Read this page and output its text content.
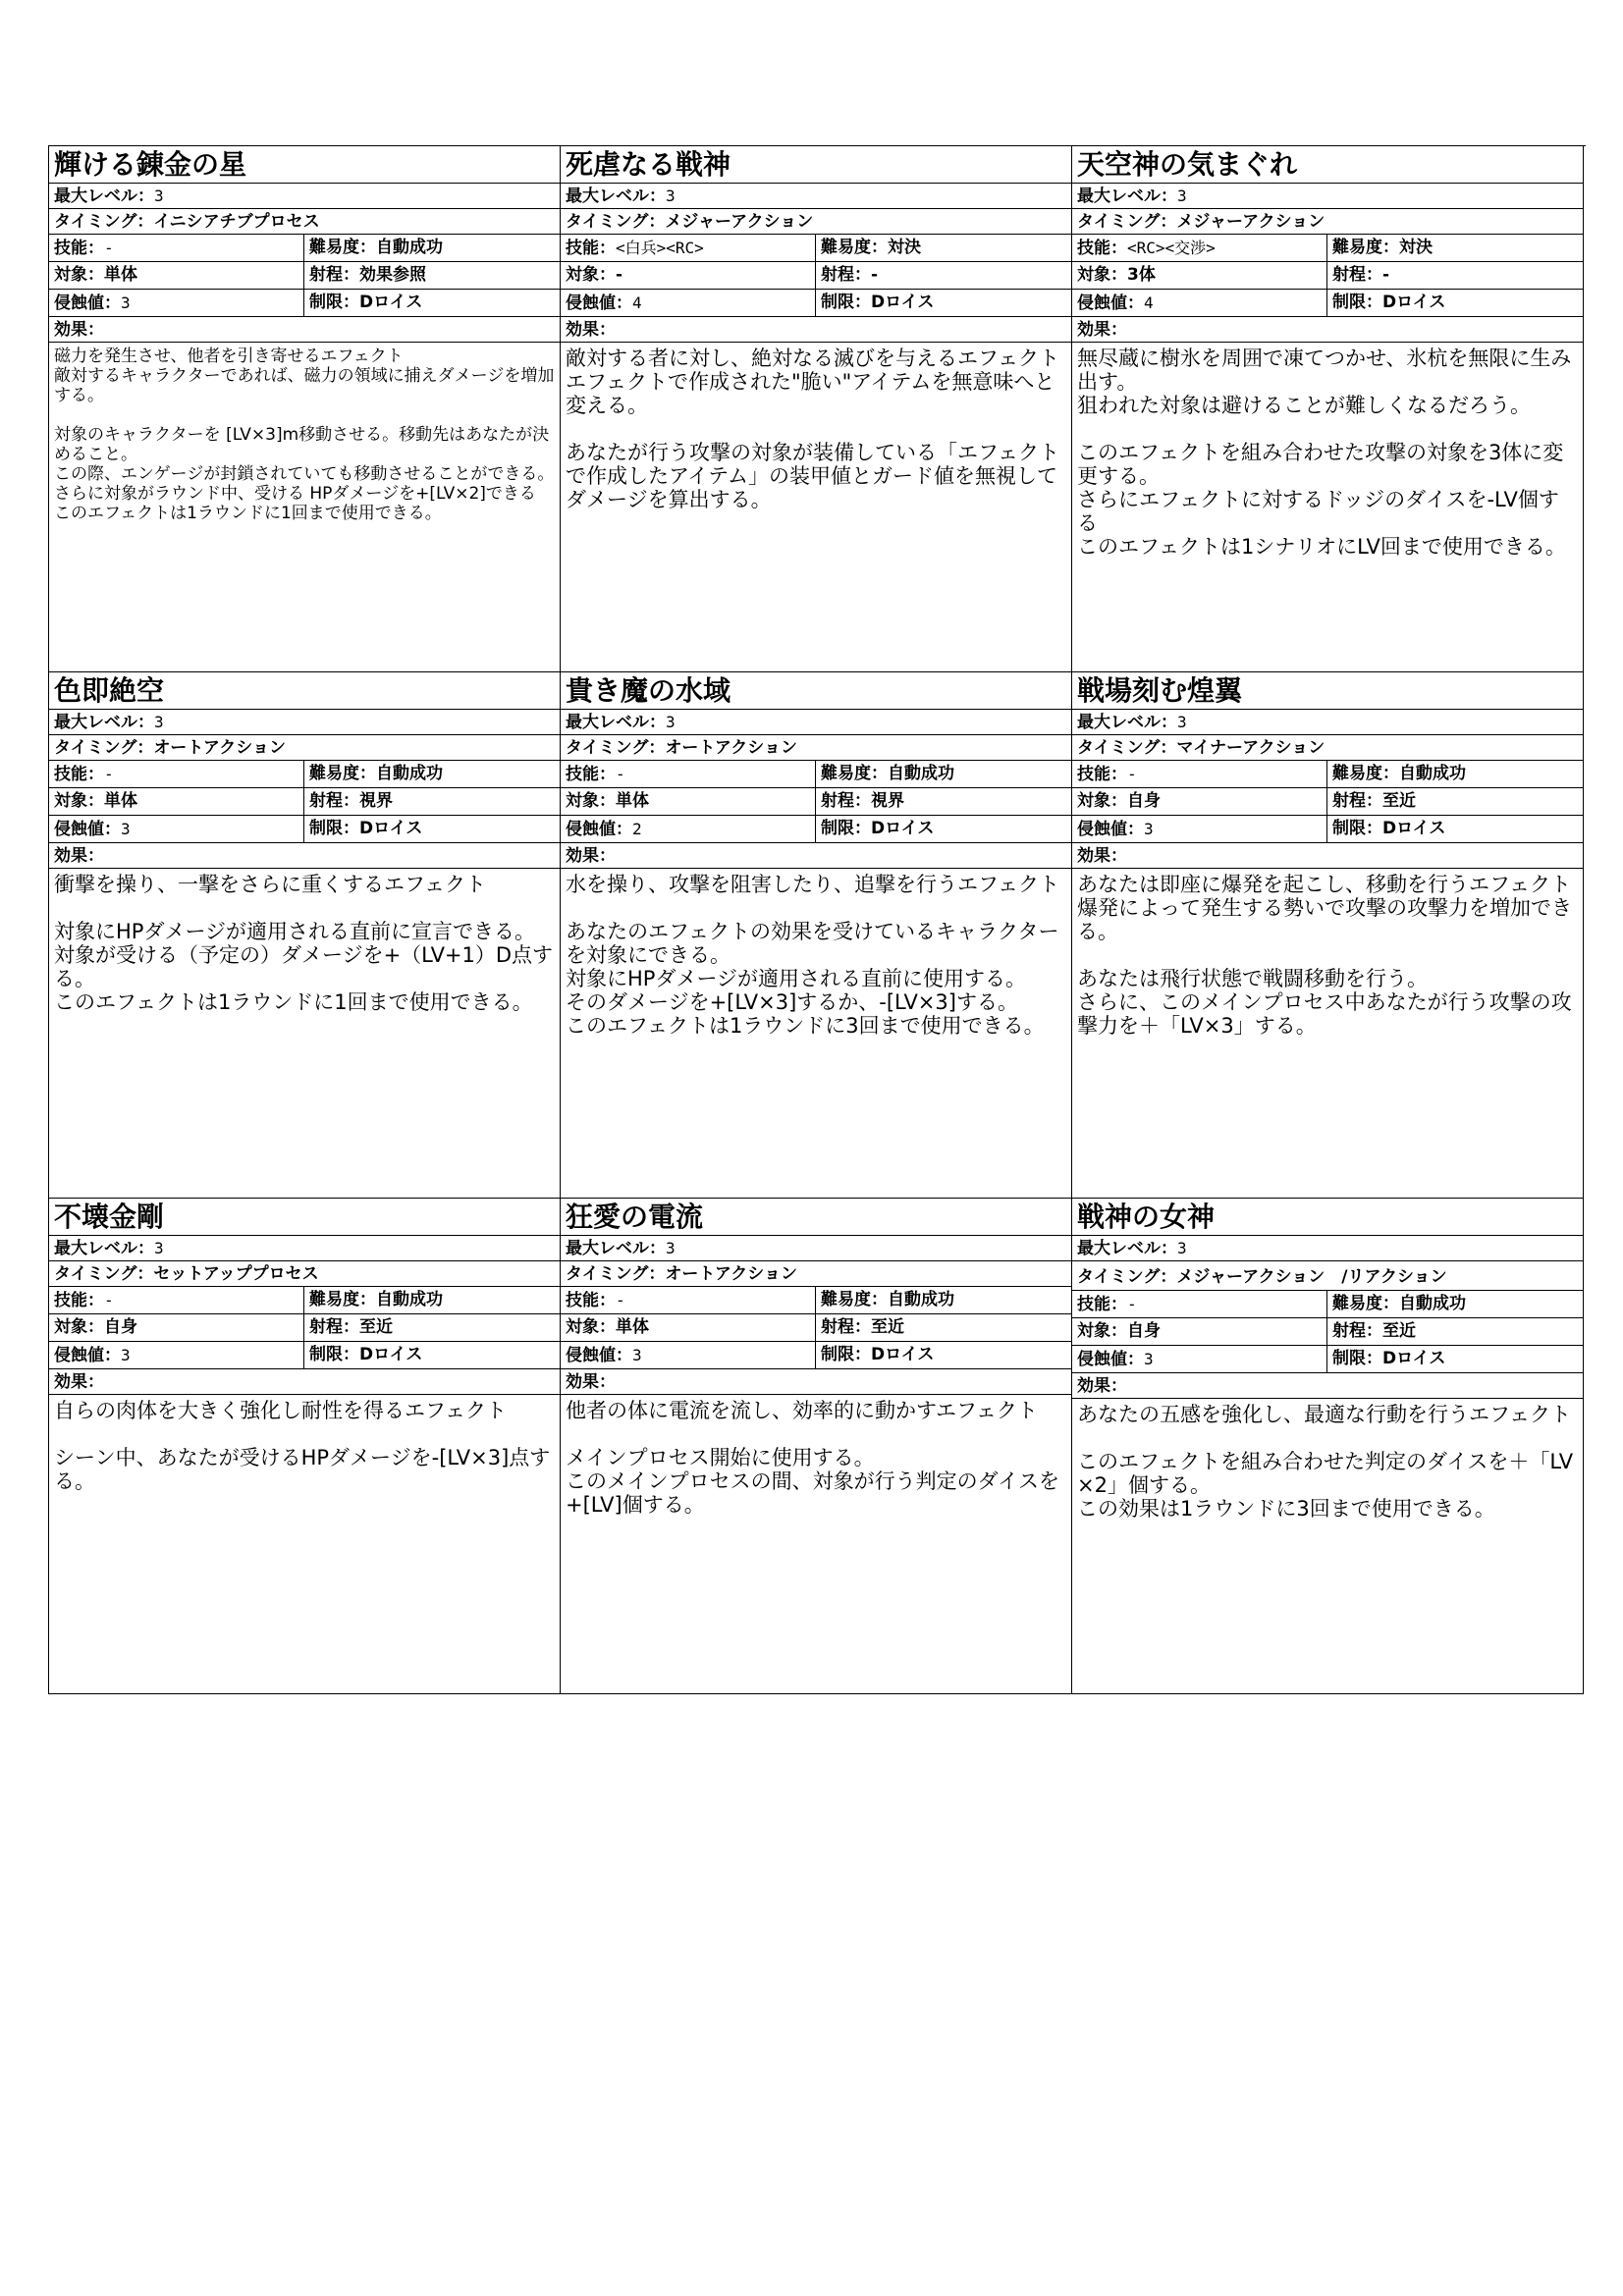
輝ける錬金の星
最大レベル：3
タイミング：イニシアチブプロセス
技能：-	難易度：自動成功
対象：単体	射程：効果参照
侵蝕値：3	制限：Dロイス
効果：
磁力を発生させ、他者を引き寄せるエフェクト
敵対するキャラクターであれば、磁力の領域に捕えダメージを増加する。

対象のキャラクターを [LV×3]m移動させる。移動先はあなたが決めること。
この際、エンゲージが封鎖されていても移動させることができる。
さらに対象がラウンド中、受ける HPダメージを+[LV×2]できる
このエフェクトは1ラウンドに1回まで使用できる。
死虐なる戦神
最大レベル：3
タイミング：メジャーアクション
技能：<白兵><RC>	難易度：対決
対象：-	射程：-
侵蝕値：4	制限：Dロイス
効果：
敵対する者に対し、絶対なる滅びを与えるエフェクト
エフェクトで作成された"脆い"アイテムを無意味へと変える。

あなたが行う攻撃の対象が装備している「エフェクトで作成したアイテム」の装甲値とガード値を無視してダメージを算出する。
天空神の気まぐれ
最大レベル：3
タイミング：メジャーアクション
技能：<RC><交渉>	難易度：対決
対象：3体	射程：-
侵蝕値：4	制限：Dロイス
効果：
無尽蔵に樹氷を周囲で凍てつかせ、氷杭を無限に生み出す。
狙われた対象は避けることが難しくなるだろう。

このエフェクトを組み合わせた攻撃の対象を3体に変更する。
さらにエフェクトに対するドッジのダイスを-LV個する
このエフェクトは1シナリオにLV回まで使用できる。
色即絶空
最大レベル：3
タイミング：オートアクション
技能：-	難易度：自動成功
対象：単体	射程：視界
侵蝕値：3	制限：Dロイス
効果：
衝撃を操り、一撃をさらに重くするエフェクト

対象にHPダメージが適用される直前に宣言できる。
対象が受ける（予定の）ダメージを+（LV+1）D点する。
このエフェクトは1ラウンドに1回まで使用できる。
貴き魔の水域
最大レベル：3
タイミング：オートアクション
技能：-	難易度：自動成功
対象：単体	射程：視界
侵蝕値：2	制限：Dロイス
効果：
水を操り、攻撃を阻害したり、追撃を行うエフェクト

あなたのエフェクトの効果を受けているキャラクターを対象にできる。
対象にHPダメージが適用される直前に使用する。
そのダメージを+[LV×3]するか、-[LV×3]する。
このエフェクトは1ラウンドに3回まで使用できる。
戦場刻む煌翼
最大レベル：3
タイミング：マイナーアクション
技能：-	難易度：自動成功
対象：自身	射程：至近
侵蝕値：3	制限：Dロイス
効果：
あなたは即座に爆発を起こし、移動を行うエフェクト
爆発によって発生する勢いで攻撃の攻撃力を増加できる。

あなたは飛行状態で戦闘移動を行う。
さらに、このメインプロセス中あなたが行う攻撃の攻撃力を＋「LV×3」する。
不壊金剛
最大レベル：3
タイミング：セットアッププロセス
技能：-	難易度：自動成功
対象：自身	射程：至近
侵蝕値：3	制限：Dロイス
効果：
自らの肉体を大きく強化し耐性を得るエフェクト

シーン中、あなたが受けるHPダメージを-[LV×3]点する。
狂愛の電流
最大レベル：3
タイミング：オートアクション
技能：-	難易度：自動成功
対象：単体	射程：至近
侵蝕値：3	制限：Dロイス
効果：
他者の体に電流を流し、効率的に動かすエフェクト

メインプロセス開始に使用する。
このメインプロセスの間、対象が行う判定のダイスを+[LV]個する。
戦神の女神
最大レベル：3
タイミング：メジャーアクション　/リアクション
技能：-	難易度：自動成功
対象：自身	射程：至近
侵蝕値：3	制限：Dロイス
効果：
あなたの五感を強化し、最適な行動を行うエフェクト

このエフェクトを組み合わせた判定のダイスを＋「LV×2」個する。
この効果は1ラウンドに3回まで使用できる。
